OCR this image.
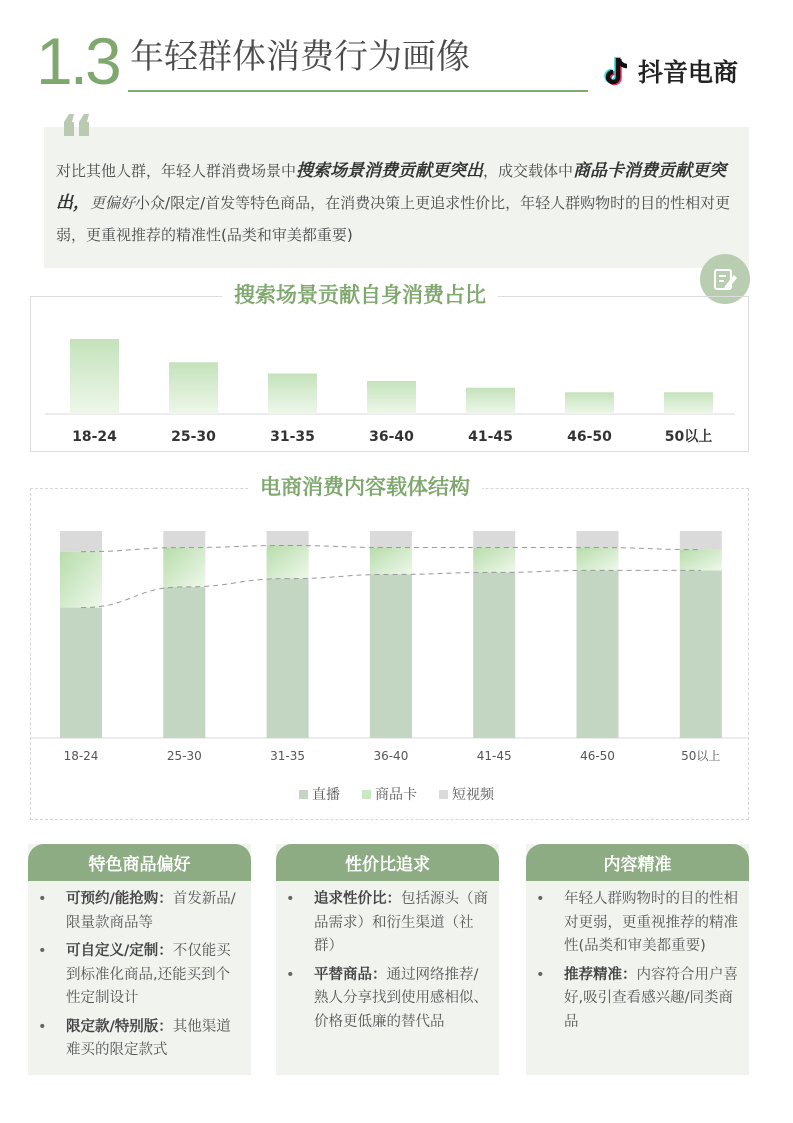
1.3 年轻群体消费行为画像	抖音电商
对比其他人群，年轻人群消费场景中搜索场景消费贡献更突出，成交载体中商品卡消费贡献更突出，更偏好小众/限定/首发等特色商品，在消费决策上更追求性价比，年轻人群购物时的目的性相对更弱，更重视推荐的精准性(品类和审美都重要)
18-24	25-30	31-35	36-40	41-45	46-50	50以上
搜索场景贡献自身消费占比
18-24	25-30	31-35	36-40	41-45	46-50	50以上
电商消费内容载体结构
直播	商品卡	短视频
特色商品偏好
• 可预约/能抢购：首发新品/限量款商品等
• 可自定义/定制：不仅能买到标准化商品,还能买到个性定制设计
• 限定款/特别版：其他渠道难买的限定款式
性价比追求
• 追求性价比：包括源头（商品需求）和衍生渠道（社群）
• 平替商品：通过网络推荐/熟人分享找到使用感相似、价格更低廉的替代品
内容精准
• 年轻人群购物时的目的性相对更弱，更重视推荐的精准性(品类和审美都重要)
• 推荐精准：内容符合用户喜好,吸引查看感兴趣/同类商品
